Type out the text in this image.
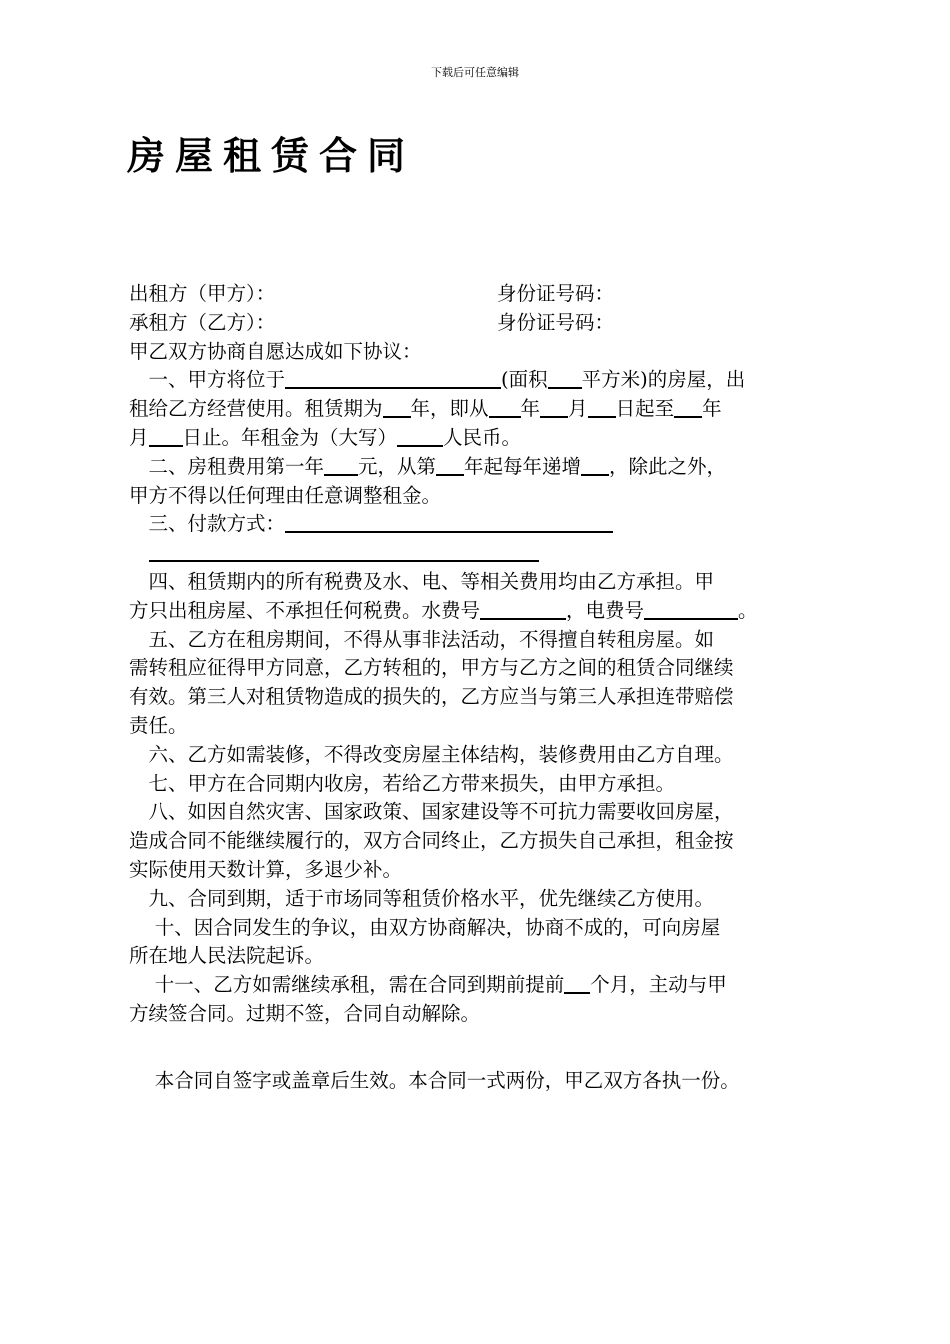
下载后可任意编辑
房屋租赁合同
出租方（甲方）：	身份证号码：
承租方（乙方）：	身份证号码：
甲乙双方协商自愿达成如下协议：
 一、甲方将位于	(面积 平方米)的房屋，出
租给乙方经营使用。租赁期为 年，即从 年 月 日起至 年
月 日止。年租金为（大写） 人民币。
 二、房租费用第一年 元，从第 年起每年递增 ，除此之外，
甲方不得以任何理由任意调整租金。
 三、付款方式：

 四、租赁期内的所有税费及水、电、等相关费用均由乙方承担。甲
方只出租房屋、不承担任何税费。水费号	，电费号	。
 五、乙方在租房期间，不得从事非法活动，不得擅自转租房屋。如
需转租应征得甲方同意，乙方转租的，甲方与乙方之间的租赁合同继续
有效。第三人对租赁物造成的损失的，乙方应当与第三人承担连带赔偿
责任。
 六、乙方如需装修，不得改变房屋主体结构，装修费用由乙方自理。
 七、甲方在合同期内收房，若给乙方带来损失，由甲方承担。
 八、如因自然灾害、国家政策、国家建设等不可抗力需要收回房屋，
造成合同不能继续履行的，双方合同终止，乙方损失自己承担，租金按
实际使用天数计算，多退少补。
 九、合同到期，适于市场同等租赁价格水平，优先继续乙方使用。
  十、因合同发生的争议，由双方协商解决，协商不成的，可向房屋
所在地人民法院起诉。
  十一、乙方如需继续承租，需在合同到期前提前 个月，主动与甲
方续签合同。过期不签，合同自动解除。
  本合同自签字或盖章后生效。本合同一式两份，甲乙双方各执一份。
